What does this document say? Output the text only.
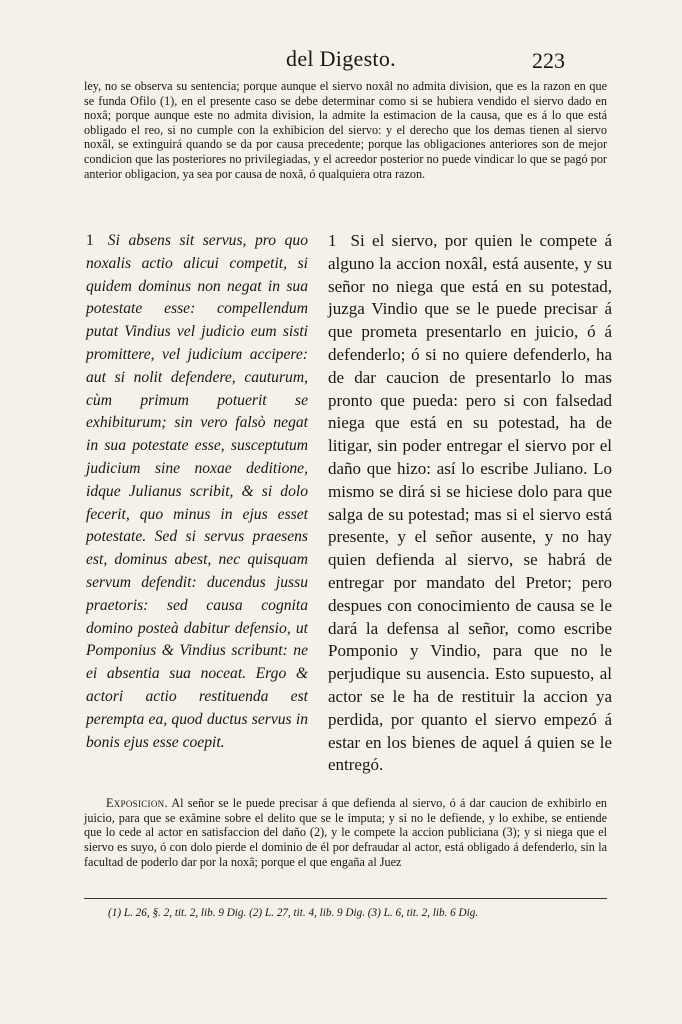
del Digesto.	223
ley, no se observa su sentencia; porque aunque el siervo noxâl no admita division, que es la razon en que se funda Ofilo (1), en el presente caso se debe determinar como si se hubiera vendido el siervo dado en noxâ; porque aunque este no admita division, la admite la estimacion de la causa, que es á lo que está obligado el reo, si no cumple con la exhibicion del siervo: y el derecho que los demas tienen al siervo noxâl, se extinguirá quando se da por causa precedente; porque las obligaciones anteriores son de mejor condicion que las posteriores no privilegiadas, y el acreedor posterior no puede vindicar lo que se pagó por anterior obligacion, ya sea por causa de noxâ, ó qualquiera otra razon.
1 Si absens sit servus, pro quo noxalis actio alicui competit, si quidem dominus non negat in sua potestate esse: compellendum putat Vindius vel judicio eum sisti promittere, vel judicium accipere: aut si nolit defendere, cauturum, cùm primum potuerit se exhibiturum; sin vero falsò negat in sua potestate esse, susceptutum judicium sine noxae deditione, idque Julianus scribit, & si dolo fecerit, quo minus in ejus esset potestate. Sed si servus praesens est, dominus abest, nec quisquam servum defendit: ducendus jussu praetoris: sed causa cognita domino posteà dabitur defensio, ut Pomponius & Vindius scribunt: ne ei absentia sua noceat. Ergo & actori actio restituenda est peremptа ea, quod ductus servus in bonis ejus esse coepit.
1 Si el siervo, por quien le compete á alguno la accion noxâl, está ausente, y su señor no niega que está en su potestad, juzga Vindio que se le puede precisar á que prometa presentarlo en juicio, ó á defenderlo; ó si no quiere defenderlo, ha de dar caucion de presentarlo lo mas pronto que pueda: pero si con falsedad niega que está en su potestad, ha de litigar, sin poder entregar el siervo por el daño que hizo: así lo escribe Juliano. Lo mismo se dirá si se hiciese dolo para que salga de su potestad; mas si el siervo está presente, y el señor ausente, y no hay quien defienda al siervo, se habrá de entregar por mandato del Pretor; pero despues con conocimiento de causa se le dará la defensa al señor, como escribe Pomponio y Vindio, para que no le perjudique su ausencia. Esto supuesto, al actor se le ha de restituir la accion ya perdida, por quanto el siervo empezó á estar en los bienes de aquel á quien se le entregó.
Exposicion. Al señor se le puede precisar á que defienda al siervo, ó á dar caucion de exhibirlo en juicio, para que se exâmine sobre el delito que se le imputa; y si no le defiende, y lo exhibe, se entiende que lo cede al actor en satisfaccion del daño (2), y le compete la accion publiciana (3); y si niega que el siervo es suyo, ó con dolo pierde el dominio de él por defraudar al actor, está obligado á defenderlo, sin la facultad de poderlo dar por la noxâ; porque el que engaña al Juez
(1) L. 26, §. 2, tit. 2, lib. 9 Dig. (2) L. 27, tit. 4, lib. 9 Dig. (3) L. 6, tit. 2, lib. 6 Dig.
